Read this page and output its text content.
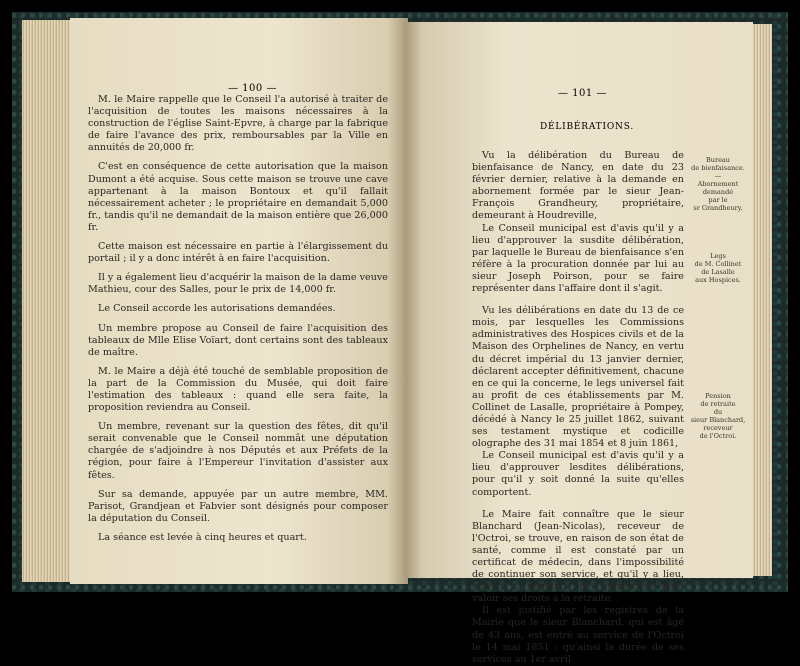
— 100 —

M. le Maire rappelle que le Conseil l'a autorisé à traiter de l'acquisition de toutes les maisons nécessaires à la construction de l'église Saint-Epvre, à charge par la fabrique de faire l'avance des prix, remboursables par la Ville en annuités de 20,000 fr.

C'est en conséquence de cette autorisation que la maison Dumont a été acquise. Sous cette maison se trouve une cave appartenant à la maison Bontoux et qu'il fallait nécessairement acheter ; le propriétaire en demandait 5,000 fr., tandis qu'il ne demandait de la maison entière que 26,000 fr.

Cette maison est nécessaire en partie à l'élargissement du portail ; il y a donc intérêt à en faire l'acquisition.

Il y a également lieu d'acquérir la maison de la dame veuve Mathieu, cour des Salles, pour le prix de 14,000 fr.

Le Conseil accorde les autorisations demandées.

Un membre propose au Conseil de faire l'acquisition des tableaux de Mlle Elise Voïart, dont certains sont des tableaux de maître.

M. le Maire a déjà été touché de semblable proposition de la part de la Commission du Musée, qui doit faire l'estimation des tableaux : quand elle sera faite, la proposition reviendra au Conseil.

Un membre, revenant sur la question des fêtes, dit qu'il serait convenable que le Conseil nommât une députation chargée de s'adjoindre à nos Députés et aux Préfets de la région, pour faire à l'Empereur l'invitation d'assister aux fêtes.

Sur sa demande, appuyée par un autre membre, MM. Parisot, Grandjean et Fabvier sont désignés pour composer la députation du Conseil.

La séance est levée à cinq heures et quart.

— 101 —
DÉLIBÉRATIONS.

Vu la délibération du Bureau de bienfaisance de Nancy, en date du 23 février dernier, relative à la demande en abornement formée par le sieur Jean-François Grandheury, propriétaire, demeurant à Houdreville,

Le Conseil municipal est d'avis qu'il y a lieu d'approuver la susdite délibération, par laquelle le Bureau de bienfaisance s'en réfère à la procuration donnée par lui au sieur Joseph Poirson, pour se faire représenter dans l'affaire dont il s'agit.

Vu les délibérations en date du 13 de ce mois, par lesquelles les Commissions administratives des Hospices civils et de la Maison des Orphelines de Nancy, en vertu du décret impérial du 13 janvier dernier, déclarent accepter définitivement, chacune en ce qui la concerne, le legs universel fait au profit de ces établissements par M. Collinet de Lasalle, propriétaire à Pompey, décédé à Nancy le 25 juillet 1862, suivant ses testament mystique et codicille olographe des 31 mai 1854 et 8 juin 1861,

Le Conseil municipal est d'avis qu'il y a lieu d'approuver lesdites délibérations, pour qu'il y soit donné la suite qu'elles comportent.

Le Maire fait connaître que le sieur Blanchard (Jean-Nicolas), receveur de l'Octroi, se trouve, en raison de son état de santé, comme il est constaté par un certificat de médecin, dans l'impossibilité de continuer son service, et qu'il y a lieu, suivant sa demande, de l'admettre à faire valoir ses droits à la retraite.

Il est justifié par les registres de la Mairie que le sieur Blanchard, qui est âgé de 43 ans, est entré au service de l'Octroi le 14 mai 1851 ; qu'ainsi la durée de ses services au 1er avril

Bureau
de bienfaisance.
—
Abornement
demandé
par le
sr Grandheury.
Legs
de M. Collinet
de Lasalle
aux Hospices.
Pension
de retraite
du
sieur Blanchard,
receveur
de l'Octroi.
